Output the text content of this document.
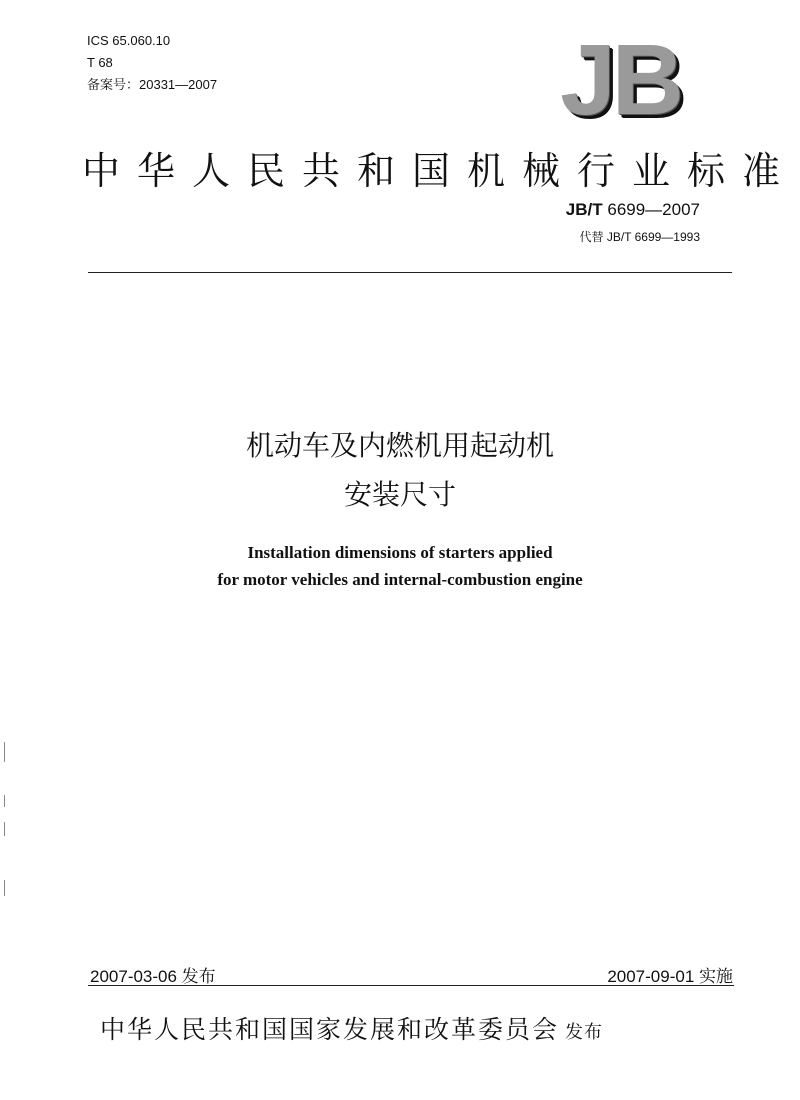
ICS 65.060.10
T 68
备案号：20331—2007	JB
中华人民共和国机械行业标准
JB/T 6699—2007
代替 JB/T 6699—1993
机动车及内燃机用起动机
安装尺寸
Installation dimensions of starters applied
for motor vehicles and internal-combustion engine
2007-03-06 发布	2007-09-01 实施
中华人民共和国国家发展和改革委员会 发布
